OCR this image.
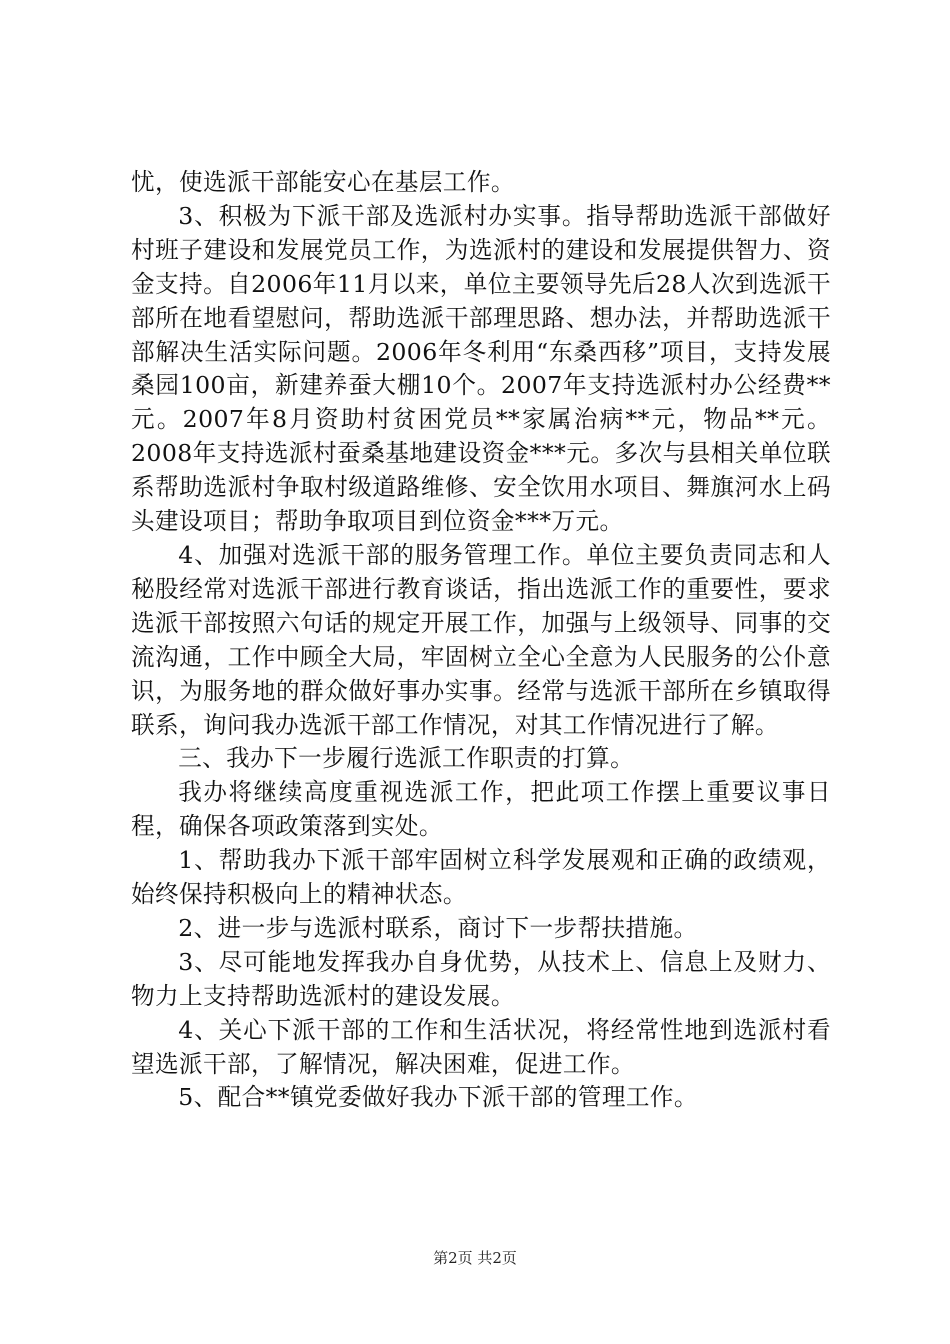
忧，使选派干部能安心在基层工作。

3、积极为下派干部及选派村办实事。指导帮助选派干部做好村班子建设和发展党员工作，为选派村的建设和发展提供智力、资金支持。自2006年11月以来，单位主要领导先后28人次到选派干部所在地看望慰问，帮助选派干部理思路、想办法，并帮助选派干部解决生活实际问题。2006年冬利用“东桑西移”项目，支持发展桑园100亩，新建养蚕大棚10个。2007年支持选派村办公经费**元。2007年8月资助村贫困党员**家属治病**元，物品**元。2008年支持选派村蚕桑基地建设资金***元。多次与县相关单位联系帮助选派村争取村级道路维修、安全饮用水项目、舞旗河水上码头建设项目；帮助争取项目到位资金***万元。

4、加强对选派干部的服务管理工作。单位主要负责同志和人秘股经常对选派干部进行教育谈话，指出选派工作的重要性，要求选派干部按照六句话的规定开展工作，加强与上级领导、同事的交流沟通，工作中顾全大局，牢固树立全心全意为人民服务的公仆意识，为服务地的群众做好事办实事。经常与选派干部所在乡镇取得联系，询问我办选派干部工作情况，对其工作情况进行了解。

三、我办下一步履行选派工作职责的打算。

我办将继续高度重视选派工作，把此项工作摆上重要议事日程，确保各项政策落到实处。

1、帮助我办下派干部牢固树立科学发展观和正确的政绩观，始终保持积极向上的精神状态。

2、进一步与选派村联系，商讨下一步帮扶措施。

3、尽可能地发挥我办自身优势，从技术上、信息上及财力、物力上支持帮助选派村的建设发展。

4、关心下派干部的工作和生活状况，将经常性地到选派村看望选派干部，了解情况，解决困难，促进工作。

5、配合**镇党委做好我办下派干部的管理工作。

第2页 共2页
